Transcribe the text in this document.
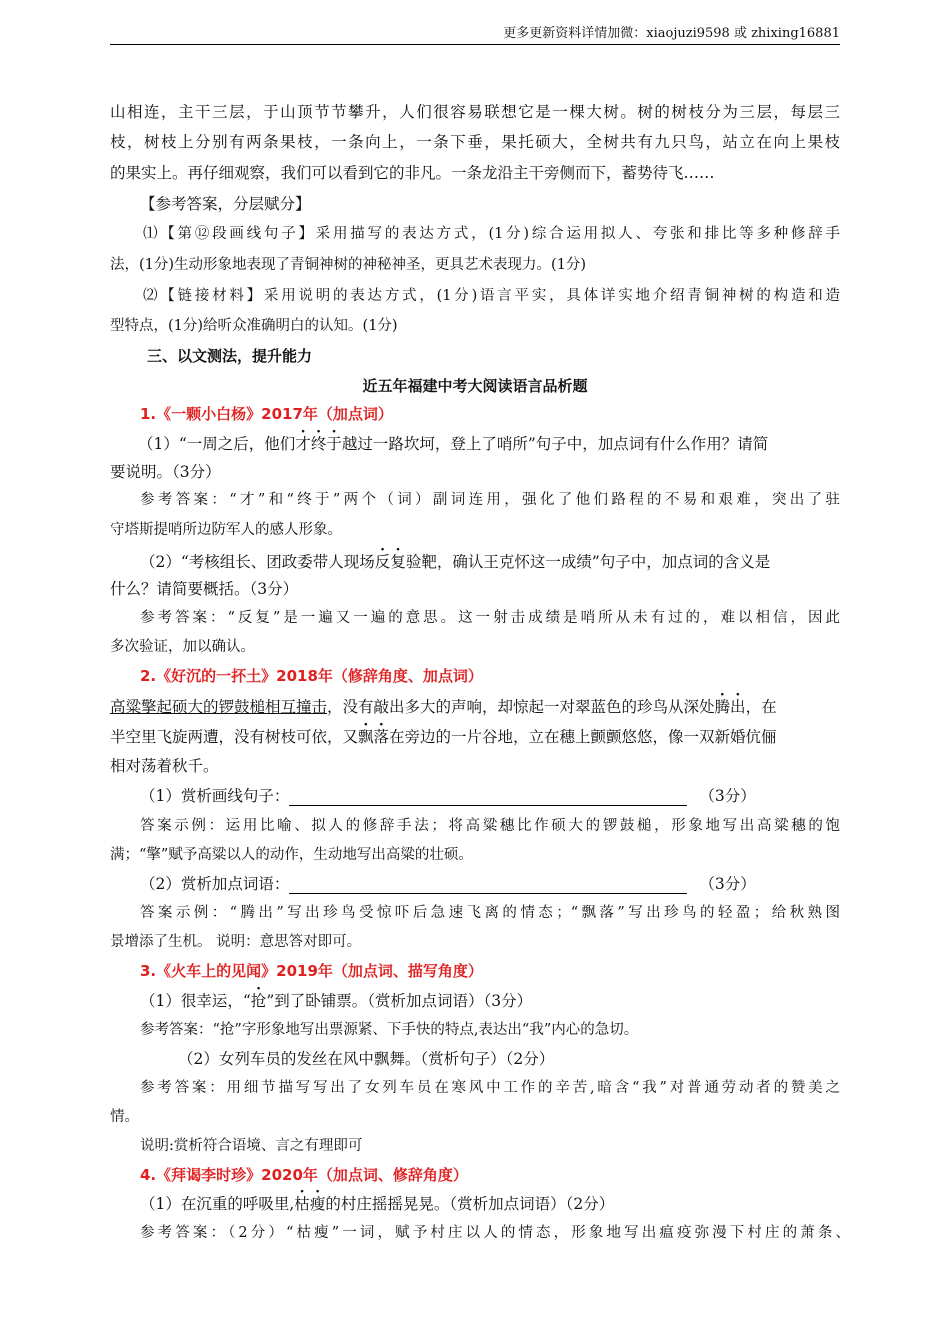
更多更新资料详情加微：xiaojuzi9598 或 zhixing16881
山相连，主干三层，于山顶节节攀升，人们很容易联想它是一棵大树。树的树枝分为三层，每层三
枝，树枝上分别有两条果枝，一条向上，一条下垂，果托硕大，全树共有九只鸟，站立在向上果枝
的果实上。再仔细观察，我们可以看到它的非凡。一条龙沿主干旁侧而下，蓄势待飞……
【参考答案，分层赋分】
⑴【第⑫段画线句子】采用描写的表达方式，(1分)综合运用拟人、夸张和排比等多种修辞手
法，(1分)生动形象地表现了青铜神树的神秘神圣，更具艺术表现力。(1分)
⑵【链接材料】采用说明的表达方式，(1分)语言平实，具体详实地介绍青铜神树的构造和造
型特点，(1分)给听众准确明白的认知。(1分)
三、以文测法，提升能力
近五年福建中考大阅读语言品析题
1.《一颗小白杨》2017年（加点词）
（1）“一周之后，他们才终于越过一路坎坷，登上了哨所”句子中，加点词有什么作用？请简
要说明。（3分）
参考答案：“才”和“终于”两个（词）副词连用，强化了他们路程的不易和艰难，突出了驻
守塔斯提哨所边防军人的感人形象。
（2）“考核组长、团政委带人现场反复验靶，确认王克怀这一成绩”句子中，加点词的含义是
什么？请简要概括。（3分）
参考答案：“反复”是一遍又一遍的意思。这一射击成绩是哨所从未有过的，难以相信，因此
多次验证，加以确认。
2.《好沉的一抔土》2018年（修辞角度、加点词）
高粱擎起硕大的锣鼓槌相互撞击，没有敲出多大的声响，却惊起一对翠蓝色的珍鸟从深处腾出，在
半空里飞旋两遭，没有树枝可依，又飘落在旁边的一片谷地，立在穗上颤颤悠悠，像一双新婚伉俪
相对荡着秋千。
（1）赏析画线句子：	（3分）
答案示例：运用比喻、拟人的修辞手法；将高粱穗比作硕大的锣鼓槌，形象地写出高粱穗的饱
满；“擎”赋予高粱以人的动作，生动地写出高粱的壮硕。
（2）赏析加点词语：	（3分）
答案示例：“腾出”写出珍鸟受惊吓后急速飞离的情态；“飘落”写出珍鸟的轻盈；给秋熟图
景增添了生机。 说明：意思答对即可。
3.《火车上的见闻》2019年（加点词、描写角度）
（1）很幸运，“抢”到了卧铺票。（赏析加点词语）（3分）
参考答案：“抢”字形象地写出票源紧、下手快的特点,表达出“我”内心的急切。
（2）女列车员的发丝在风中飘舞。（赏析句子）（2分）
参考答案：用细节描写写出了女列车员在寒风中工作的辛苦,暗含“我”对普通劳动者的赞美之
情。
说明:赏析符合语境、言之有理即可
4.《拜谒李时珍》2020年（加点词、修辞角度）
（1）在沉重的呼吸里,枯瘦的村庄摇摇晃晃。（赏析加点词语）（2分）
参考答案：（2分）“枯瘦”一词，赋予村庄以人的情态，形象地写出瘟疫弥漫下村庄的萧条、
